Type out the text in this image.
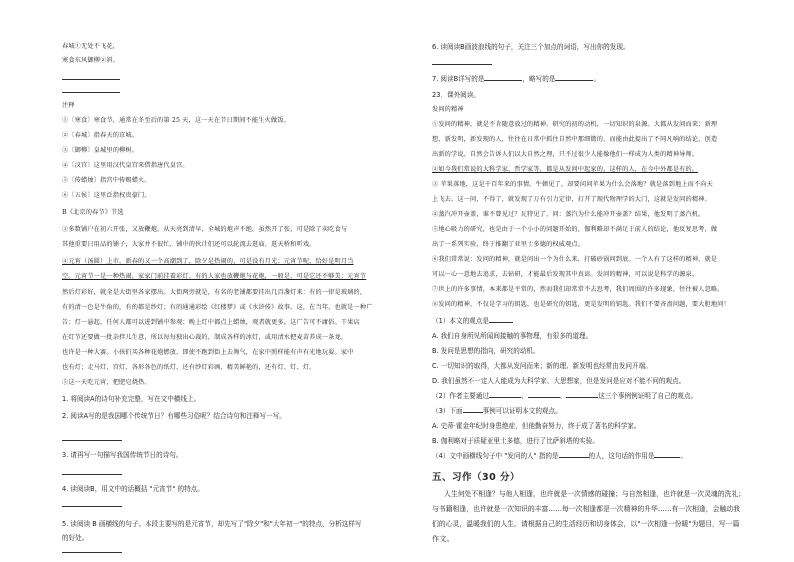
春城①无处不飞花，
寒食东风御柳②斜。
注释
①〔寒食〕寒食节，通常在冬至后的第 25 天，这一天在节日期间不能生火做饭。
②〔春城〕指春天的京城。
③〔御柳〕皇城里的柳树。
④〔汉宫〕这里用汉代皇宫来借指唐代皇宫。
⑤〔传蜡烛〕指宫中传赐蜡火。
⑥〔五侯〕这里泛指权贵豪门。
B《北京的春节》节选
③多数铺户在初六开张，又放鞭炮，从天亮到清早，全城的炮声不绝。虽然开了张，可是除了卖吃食与
其他重要日用品的铺子，大家并不很忙，铺中的伙计们还可以轮流去逛庙、逛天桥和听戏。
④元宵（汤圆）上市，新春的又一个高潮到了，除夕是热闹的，可是没有月光；元宵节呢，恰好是明月当
空。元宵节一是一种热闹，家家门前挂着彩灯。有的人家也放鞭炮与花炮，一般是，可是它还不够美；元宵节
然后灯彩好，就全是大街里各家摆出。大街两旁就是，有名的老铺都要挂出几百盏灯来：有的一律是玻璃的，
有的清一色是牛角的，有的都是纱灯；有的通通彩绘《红楼梦》或《水浒传》故事。这，在当年，也就是一种广
告；灯一悬起，任何人都可以进到铺中参观；晚上灯中都点上蜡烛，观者就更多。这广告可不庸俗。干果店
在灯节还要做一批杂拌儿生意，所以每每独出心裁的，制成各样的冰灯，或用清水把麦苗养成一条龙。
也许是一种大赛。小孩们买各种花炮燃放，即使不跑到街上去淘气，在家中照样能有声有光地玩耍。家中
也有灯；走马灯、宫灯、各形各色的纸灯，还有纱灯彩画、精美鲜艳的，还有灯、灯、灯。
⑤这一天吃元宵，把肥皂烧热。
1. 将阅读A的诗句补充完整，写在文中横线上。
2. 阅读A写的是我国哪个传统节日？有哪些习俗呢？结合诗句和注释写一写。
3. 请再写一句描写我国传统节日的诗句。
4. 读阅读B，用文中的话概括 "元宵节" 的特点。
5. 读阅读 B 画横线的句子。本段主要写的是元宵节，却先写了"除夕"和"大年初一"的特点，分析这样写
的好处。
6. 读阅读B画波浪线的句子，关注三个加点的词语，写出你的发现。
7. 阅读B详写的是	，略写的是	。
23．课外阅读。
发问的精神
①发问的精神，就是不肯随意放过的精神。研究的初的动机，一切知识的泉源。大都从发问而来；新理
想、新发明，新发现的人，往往在日常中抓住自然中那细微的，而能由此提出了不同凡响的结论，创造
出新的学说。自然会告诉人们以大自然之理，只不过很少人能像他们一样成为人类的精神导师。
②如今我们常说的大科学家、哲学家等，都是从发问中起家的，这样的人，在今中外都是有的。
③ 苹果落地，这是千百年来的事情。牛顿见了，却要问问苹果为什么会落地？就是落到地上而不向天
上飞去。这一问，不得了，就发现了万有引力定律，打开了现代物理学的大门，这就是发问的精神。
④蒸汽冲开壶盖，谁不曾见过？瓦特见了，问：蒸汽为什么能冲开壶盖？结果，他发明了蒸汽机。
⑤地心吸力的研究，也是由于一个小小的问题开始的，伽利略却不满足于前人的结论，他反复思考，做
出了一系列实验，终于推翻了亚里士多德的权威观点。
⑥我们常常说：发问的精神，就是问出一个为什么来，打破砂锅问到底。一个人有了这样的精神，就是
可以一心一意地去追求，去钻研，才能最后发现其中真谛。发问的精神，可以说是科学的源泉。
⑦世上的许多事情，本来都是平常的，然而我们却常常不去思考，我们周围的许多现象，往往被人忽略。
⑧发问的精神，不仅是学习的钥匙，也是研究的钥匙，更是发明的钥匙。我们不要吝啬问题，要大胆地问！
（1）本文的观点是
A. 我们自身所见所闻间接触的事物理，有很多的道理。
B. 发问是思想的指向，研究的动机。
C. 一切知识的取得，大都从发问而来；新的理、新发明也经常由发问开端。
D. 我们虽然不一定人人能成为大科学家、大思想家，但是发问是应对不能不问的观点。
（2）作者主要通过	、	、	这三个事例例证明了自己的观点。
（3）下面	事例可以证明本文的观点。
A. 史蒂·霍金年纪时身患绝症，但他勤奋努力，终于成了著名的科学家。
B. 伽利略对于质疑亚里士多德，进行了比萨斜塔的实验。
（4）文中画横线句子中 "发问的人" 指的是	的人，这句话的作用是	。
五、习作（30 分）
人生何处不相逢？与他人相逢，也许就是一次情感的碰撞；与自然相逢，也许就是一次灵魂的洗礼；
与书籍相逢，也许就是一次知识的丰富……每一次相逢都是一次精神的升华……有一次相逢，会触动我
们的心灵，温暖我们的人生。请根据自己的生活经历和切身体会，以"一次相逢一份暖"为题目，写一篇
作文。
